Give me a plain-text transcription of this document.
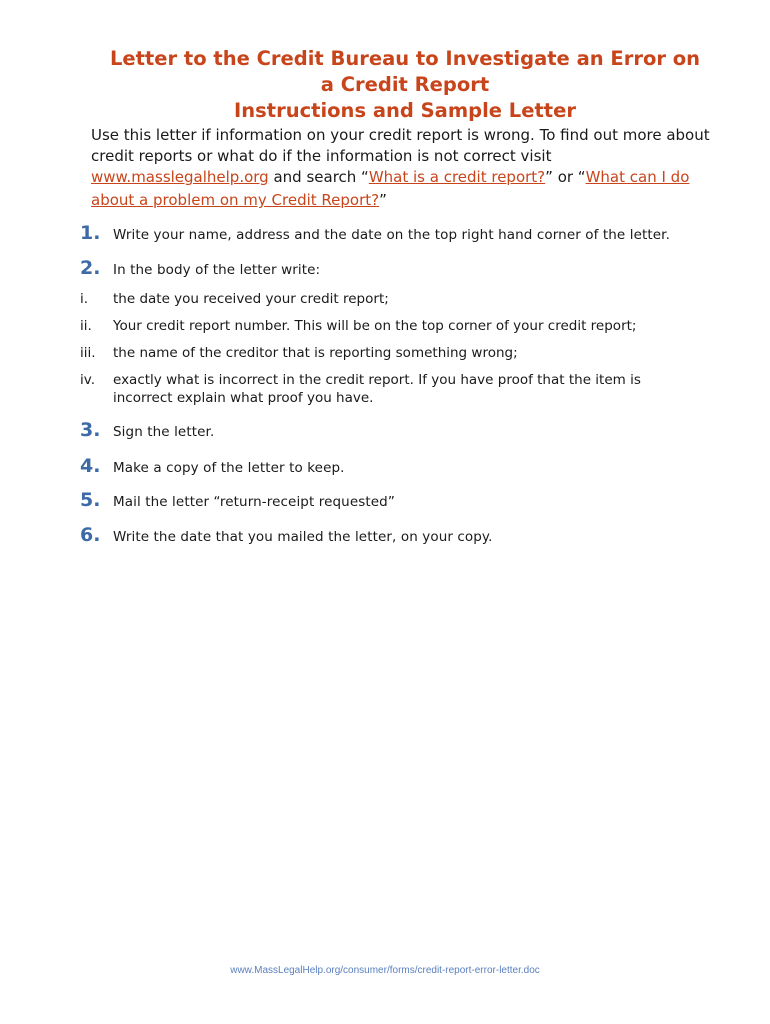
Letter to the Credit Bureau to Investigate an Error on
a Credit Report
Instructions and Sample Letter

Use this letter if information on your credit report is wrong. To find out more about credit reports or what do if the information is not correct visit www.masslegalhelp.org and search “What is a credit report?” or “What can I do
about a problem on my Credit Report?”

1. Write your name, address and the date on the top right hand corner of the letter.
2. In the body of the letter write:
i.	the date you received your credit report;
ii.	Your credit report number. This will be on the top corner of your credit report;
iii.	the name of the creditor that is reporting something wrong;
iv.	exactly what is incorrect in the credit report. If you have proof that the item is incorrect explain what proof you have.
3. Sign the letter.
4. Make a copy of the letter to keep.
5. Mail the letter “return-receipt requested”
6. Write the date that you mailed the letter, on your copy.
www.MassLegalHelp.org/consumer/forms/credit-report-error-letter.doc
